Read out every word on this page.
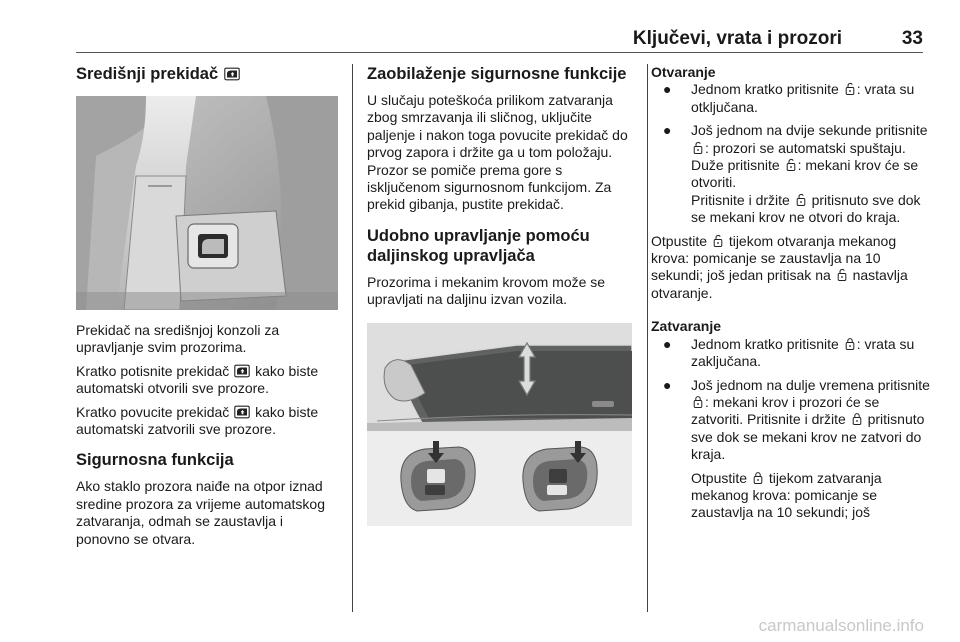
Ključevi, vrata i prozori	33
Središnji prekidač

Prekidač na središnjoj konzoli za upravljanje svim prozorima.

Kratko potisnite prekidač kako biste automatski otvorili sve prozore.

Kratko povucite prekidač kako biste automatski zatvorili sve prozore.

Sigurnosna funkcija

Ako staklo prozora naiđe na otpor iznad sredine prozora za vrijeme automatskog zatvaranja, odmah se zaustavlja i ponovno se otvara.

Zaobilaženje sigurnosne funkcije

U slučaju poteškoća prilikom zatvaranja zbog smrzavanja ili sličnog, uključite paljenje i nakon toga povucite prekidač do prvog zapora i držite ga u tom položaju. Prozor se pomiče prema gore s isključenom sigurnosnom funkcijom. Za prekid gibanja, pustite prekidač.

Udobno upravljanje pomoću
daljinskog upravljača

Prozorima i mekanim krovom može se upravljati na daljinu izvan vozila.

Otvaranje

● Jednom kratko pritisnite : vrata su otključana.
● Još jednom na dvije sekunde pritisnite : prozori se automatski spuštaju. Duže pritisnite : mekani krov će se otvoriti.
Pritisnite i držite pritisnuto sve dok se mekani krov ne otvori do kraja.

Otpustite tijekom otvaranja mekanog krova: pomicanje se zaustavlja na 10 sekundi; još jedan pritisak na nastavlja otvaranje.

Zatvaranje

● Jednom kratko pritisnite : vrata su zaključana.
● Još jednom na dulje vremena pritisnite : mekani krov i prozori će se zatvoriti. Pritisnite i držite pritisnuto sve dok se mekani krov ne zatvori do kraja.
Otpustite tijekom zatvaranja mekanog krova: pomicanje se zaustavlja na 10 sekundi; još
carmanualsonline.info
